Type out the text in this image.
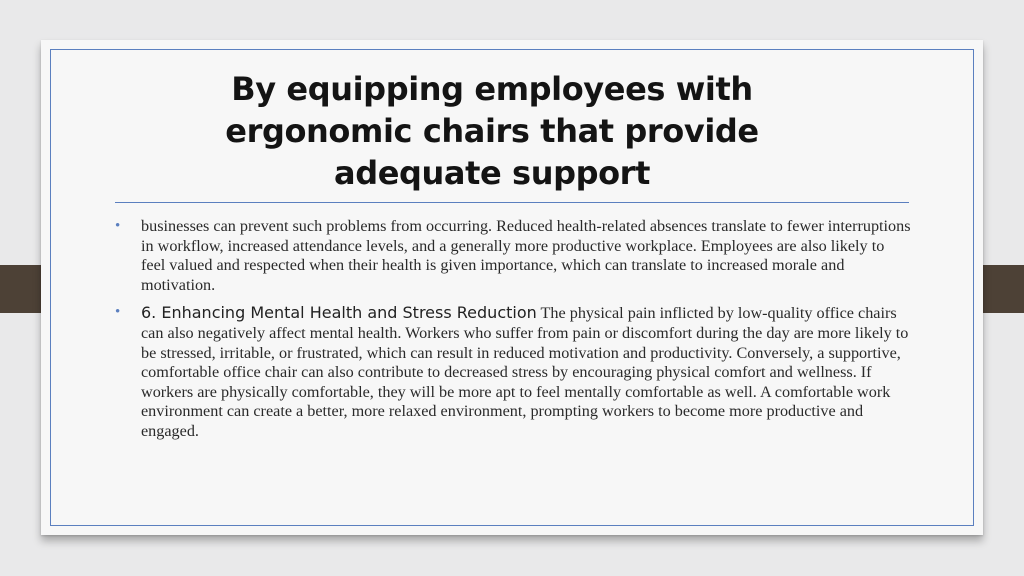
By equipping employees with ergonomic chairs that provide adequate support

• businesses can prevent such problems from occurring. Reduced health-related absences translate to fewer interruptions in workflow, increased attendance levels, and a generally more productive workplace. Employees are also likely to feel valued and respected when their health is given importance, which can translate to increased morale and motivation.

• 6. Enhancing Mental Health and Stress Reduction The physical pain inflicted by low-quality office chairs can also negatively affect mental health. Workers who suffer from pain or discomfort during the day are more likely to be stressed, irritable, or frustrated, which can result in reduced motivation and productivity. Conversely, a supportive, comfortable office chair can also contribute to decreased stress by encouraging physical comfort and wellness. If workers are physically comfortable, they will be more apt to feel mentally comfortable as well. A comfortable work environment can create a better, more relaxed environment, prompting workers to become more productive and engaged.
